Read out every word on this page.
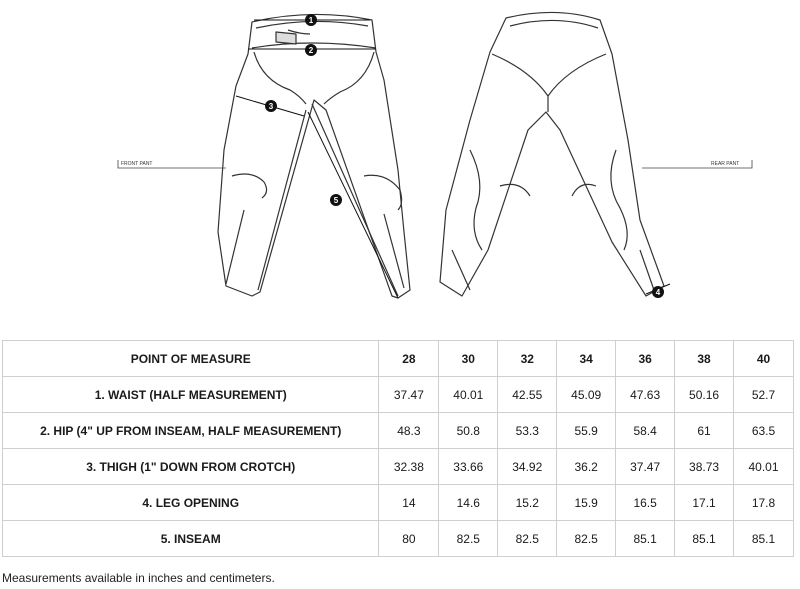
FRONT PANT	REAR PANT
1
2
3
4
5
POINT OF MEASURE	28	30	32	34	36	38	40
1. WAIST (HALF MEASUREMENT)	37.47	40.01	42.55	45.09	47.63	50.16	52.7
2. HIP (4" UP FROM INSEAM, HALF MEASUREMENT)	48.3	50.8	53.3	55.9	58.4	61	63.5
3. THIGH (1" DOWN FROM CROTCH)	32.38	33.66	34.92	36.2	37.47	38.73	40.01
4. LEG OPENING	14	14.6	15.2	15.9	16.5	17.1	17.8
5. INSEAM	80	82.5	82.5	82.5	85.1	85.1	85.1
Measurements available in inches and centimeters.
